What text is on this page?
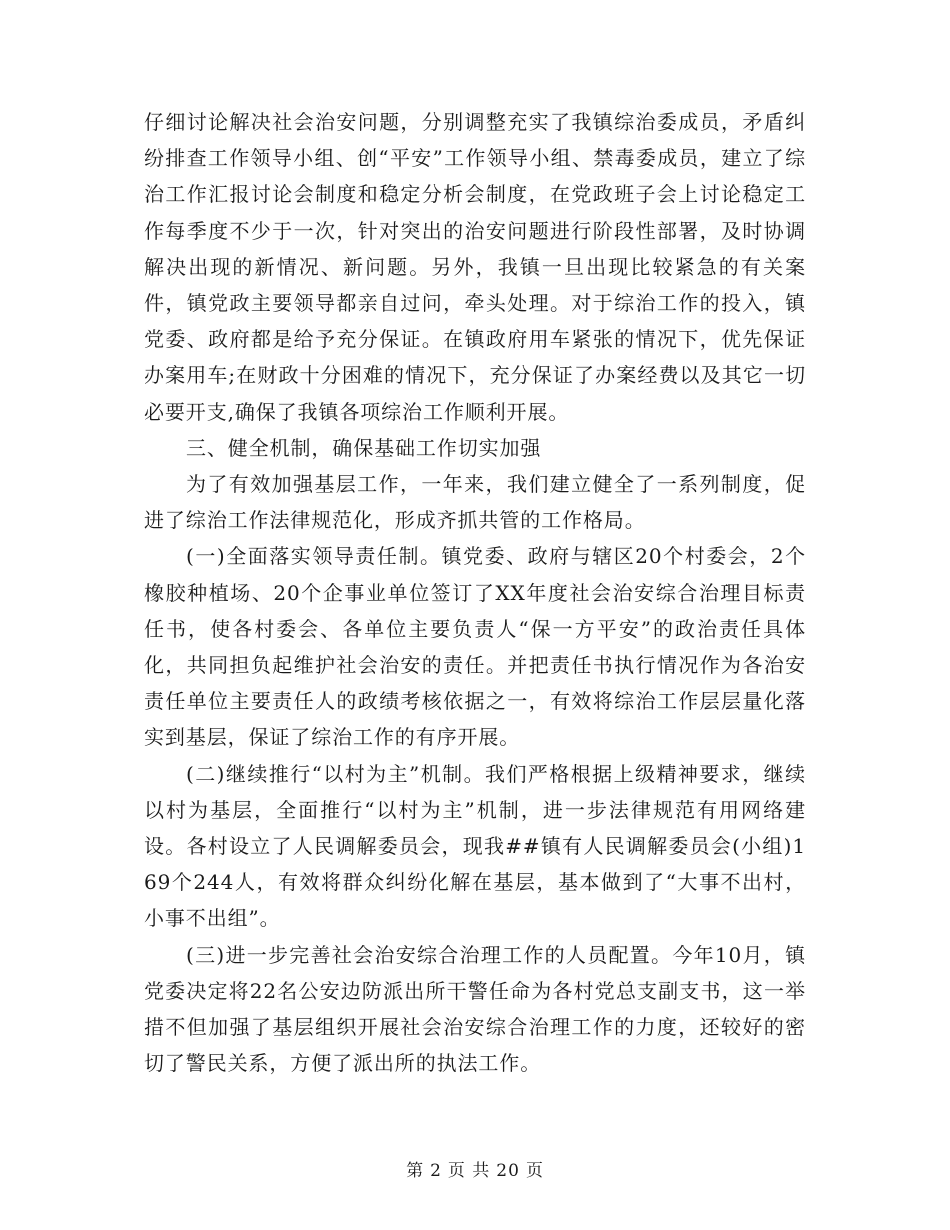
仔细讨论解决社会治安问题，分别调整充实了我镇综治委成员，矛盾纠纷排查工作领导小组、创“平安”工作领导小组、禁毒委成员，建立了综治工作汇报讨论会制度和稳定分析会制度，在党政班子会上讨论稳定工作每季度不少于一次，针对突出的治安问题进行阶段性部署，及时协调解决出现的新情况、新问题。另外，我镇一旦出现比较紧急的有关案件，镇党政主要领导都亲自过问，牵头处理。对于综治工作的投入，镇党委、政府都是给予充分保证。在镇政府用车紧张的情况下，优先保证办案用车;在财政十分困难的情况下，充分保证了办案经费以及其它一切必要开支,确保了我镇各项综治工作顺利开展。

三、健全机制，确保基础工作切实加强

为了有效加强基层工作，一年来，我们建立健全了一系列制度，促进了综治工作法律规范化，形成齐抓共管的工作格局。

(一)全面落实领导责任制。镇党委、政府与辖区20个村委会，2个橡胶种植场、20个企事业单位签订了XX年度社会治安综合治理目标责任书，使各村委会、各单位主要负责人“保一方平安”的政治责任具体化，共同担负起维护社会治安的责任。并把责任书执行情况作为各治安责任单位主要责任人的政绩考核依据之一，有效将综治工作层层量化落实到基层，保证了综治工作的有序开展。

(二)继续推行“以村为主”机制。我们严格根据上级精神要求，继续以村为基层，全面推行“以村为主”机制，进一步法律规范有用网络建设。各村设立了人民调解委员会，现我##镇有人民调解委员会(小组)169个244人，有效将群众纠纷化解在基层，基本做到了“大事不出村，小事不出组”。

(三)进一步完善社会治安综合治理工作的人员配置。今年10月，镇党委决定将22名公安边防派出所干警任命为各村党总支副支书，这一举措不但加强了基层组织开展社会治安综合治理工作的力度，还较好的密切了警民关系，方便了派出所的执法工作。

第 2 页 共 20 页
